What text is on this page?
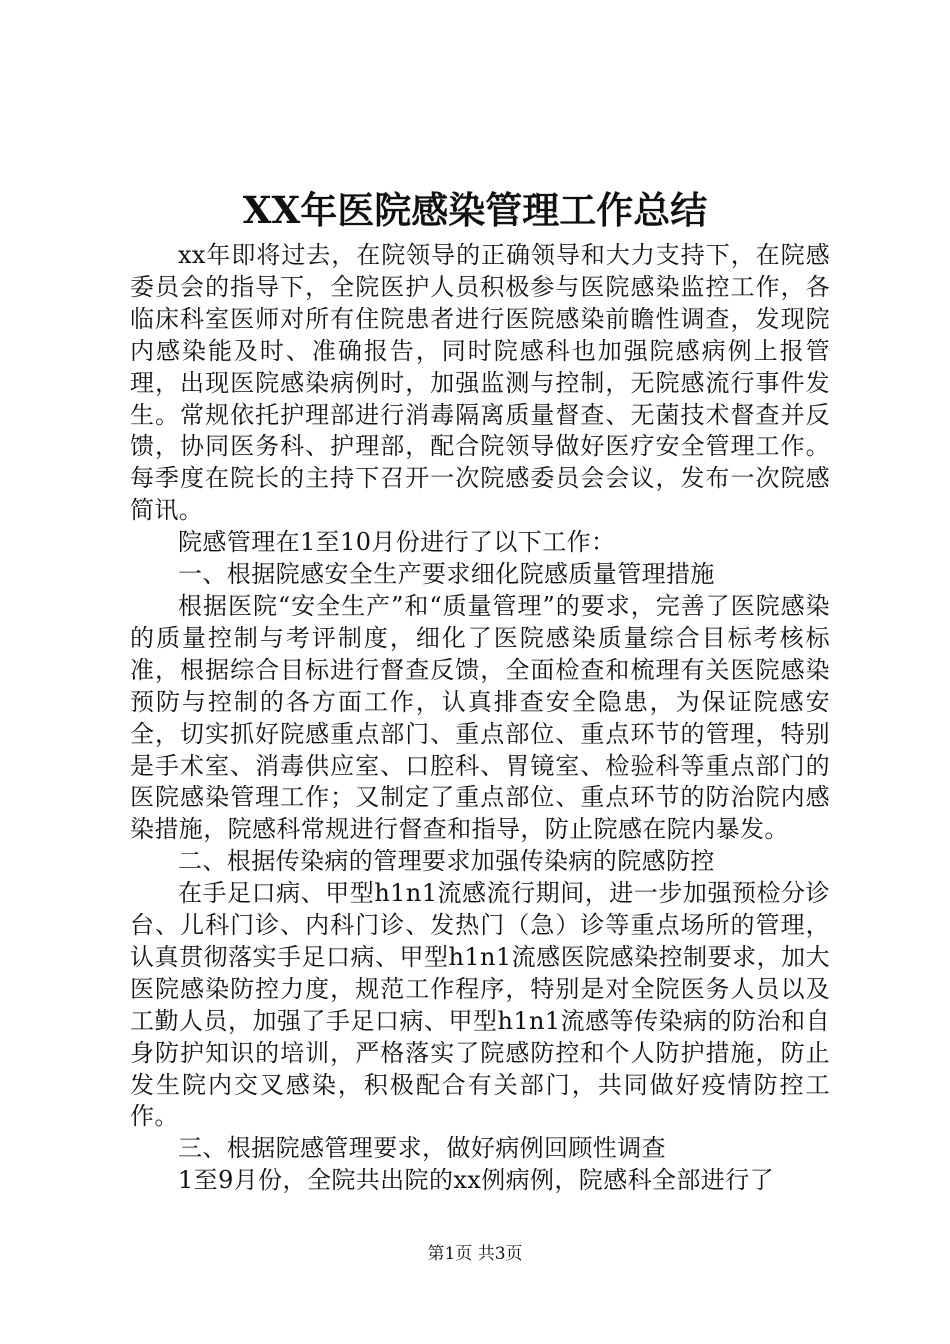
XX年医院感染管理工作总结

xx年即将过去，在院领导的正确领导和大力支持下，在院感委员会的指导下，全院医护人员积极参与医院感染监控工作，各临床科室医师对所有住院患者进行医院感染前瞻性调查，发现院内感染能及时、准确报告，同时院感科也加强院感病例上报管理，出现医院感染病例时，加强监测与控制，无院感流行事件发生。常规依托护理部进行消毒隔离质量督查、无菌技术督查并反馈，协同医务科、护理部，配合院领导做好医疗安全管理工作。每季度在院长的主持下召开一次院感委员会会议，发布一次院感简讯。

院感管理在1至10月份进行了以下工作：

一、根据院感安全生产要求细化院感质量管理措施

根据医院“安全生产”和“质量管理”的要求，完善了医院感染的质量控制与考评制度，细化了医院感染质量综合目标考核标准，根据综合目标进行督查反馈，全面检查和梳理有关医院感染预防与控制的各方面工作，认真排查安全隐患，为保证院感安全，切实抓好院感重点部门、重点部位、重点环节的管理，特别是手术室、消毒供应室、口腔科、胃镜室、检验科等重点部门的医院感染管理工作；又制定了重点部位、重点环节的防治院内感染措施，院感科常规进行督查和指导，防止院感在院内暴发。

二、根据传染病的管理要求加强传染病的院感防控

在手足口病、甲型h1n1流感流行期间，进一步加强预检分诊台、儿科门诊、内科门诊、发热门（急）诊等重点场所的管理，认真贯彻落实手足口病、甲型h1n1流感医院感染控制要求，加大医院感染防控力度，规范工作程序，特别是对全院医务人员以及工勤人员，加强了手足口病、甲型h1n1流感等传染病的防治和自身防护知识的培训，严格落实了院感防控和个人防护措施，防止发生院内交叉感染，积极配合有关部门，共同做好疫情防控工作。

三、根据院感管理要求，做好病例回顾性调查

1至9月份，全院共出院的xx例病例，院感科全部进行了

第1页 共3页
